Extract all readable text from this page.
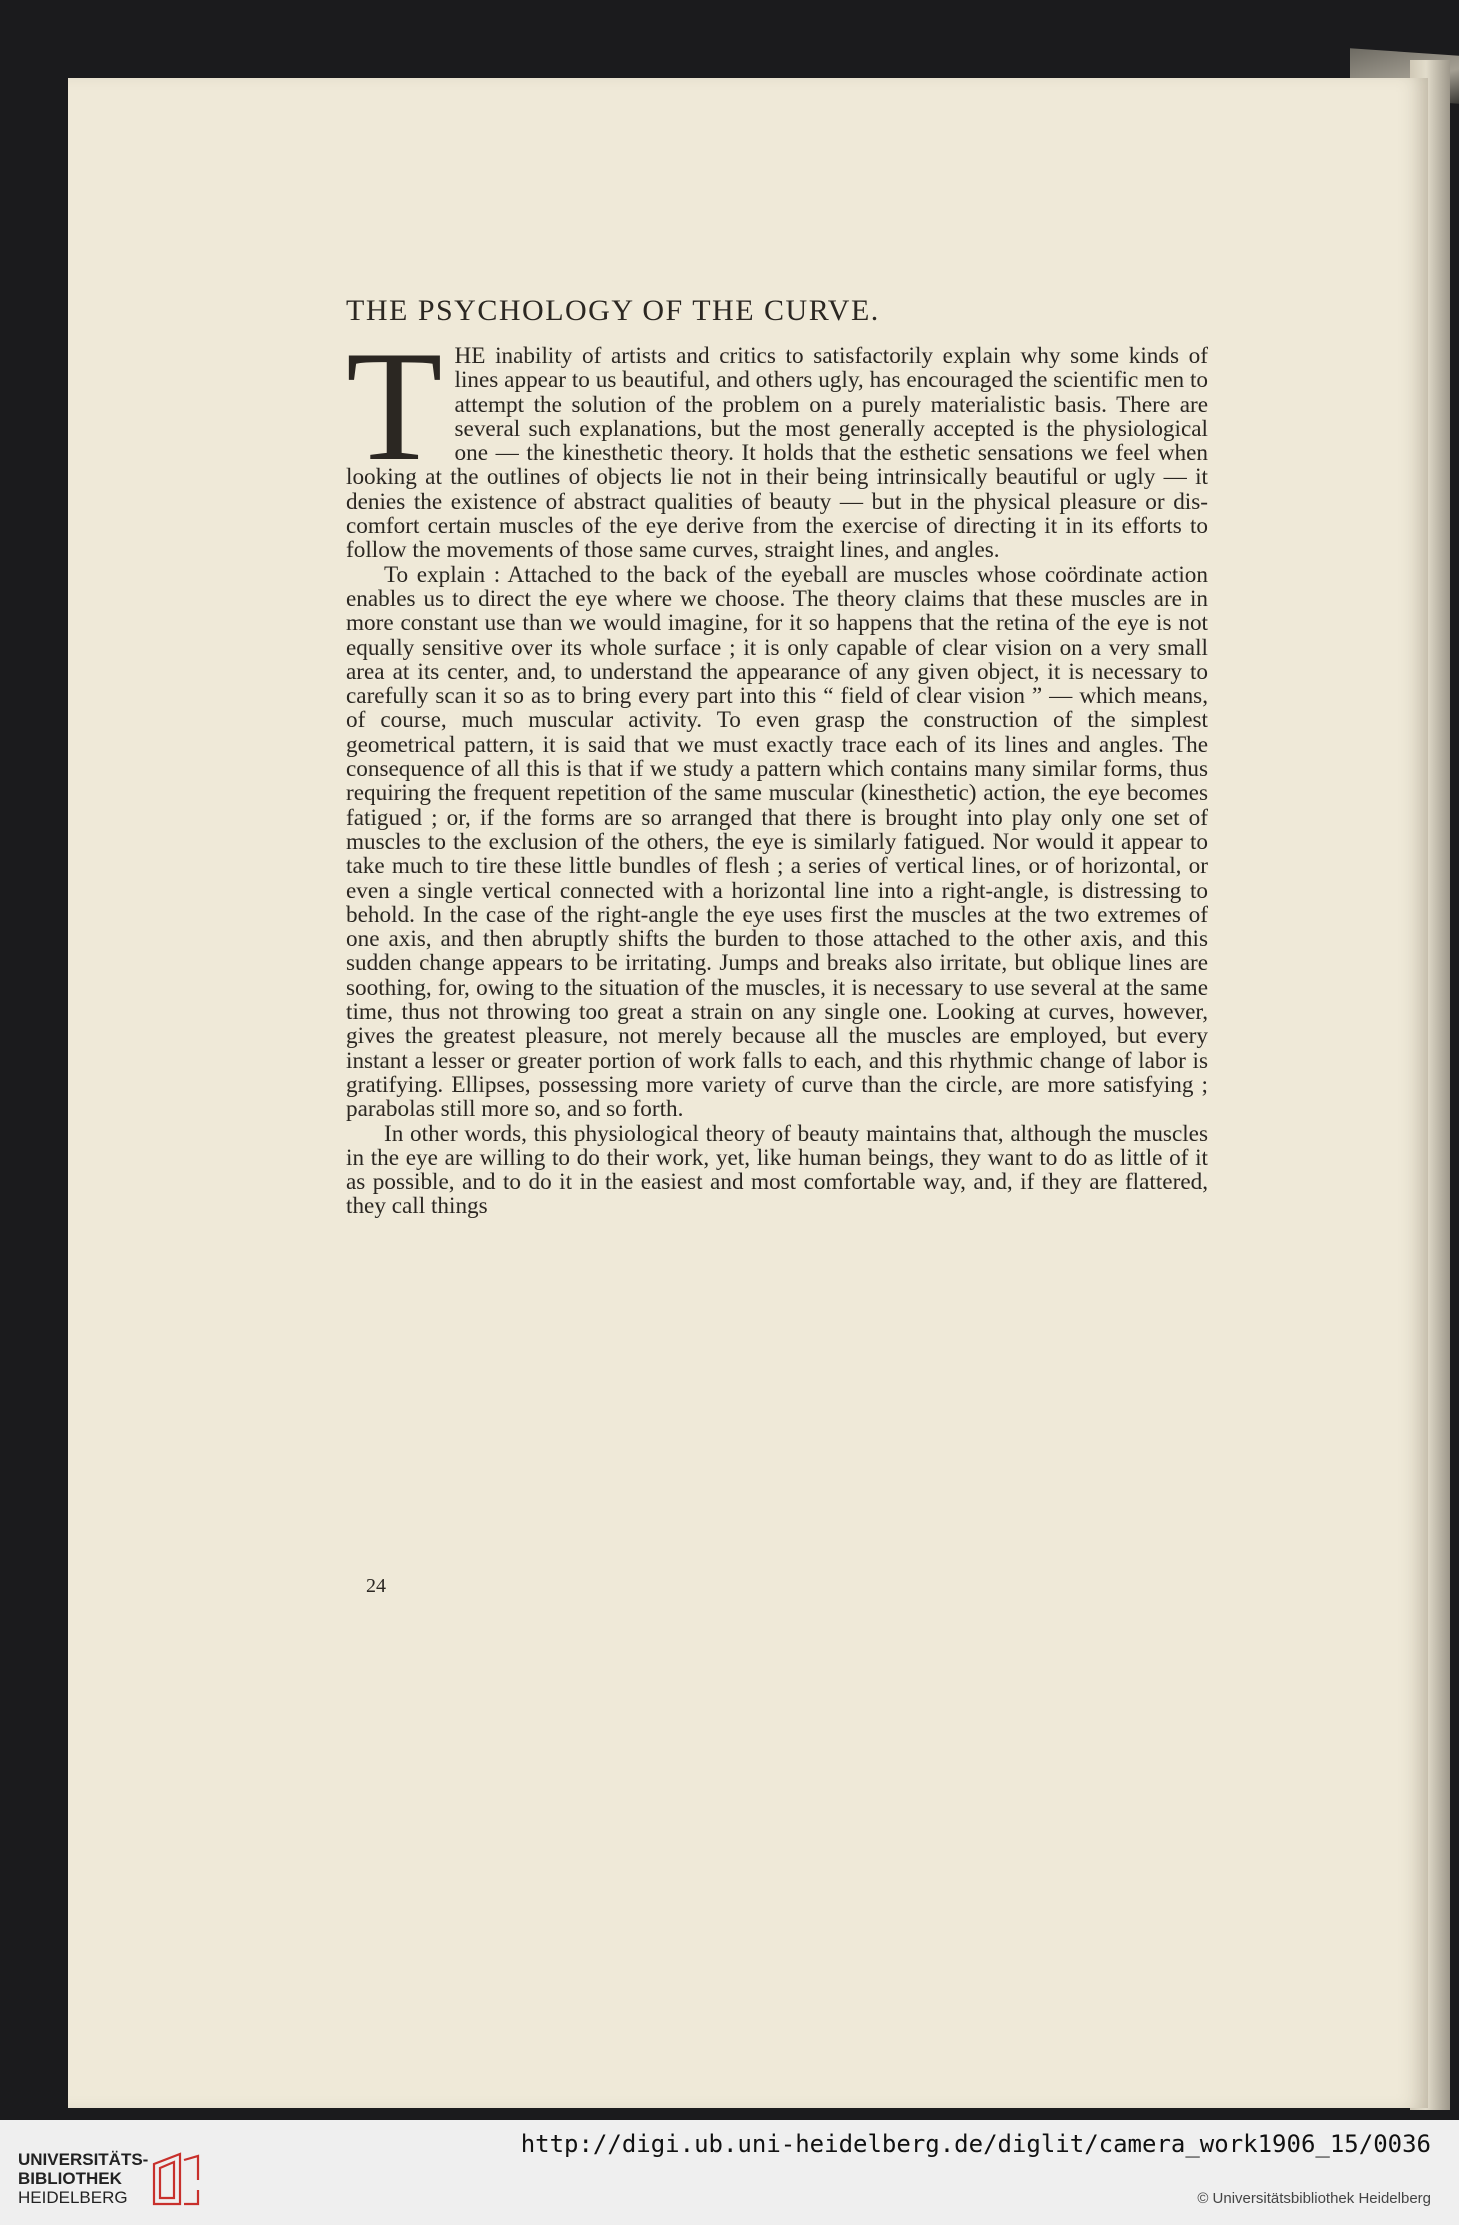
THE PSYCHOLOGY OF THE CURVE.

T HE inability of artists and critics to satisfactorily explain why some kinds of lines appear to us beautiful, and others ugly, has encouraged the scientific men to attempt the solution of the problem on a purely materialistic basis. There are several such explanations, but the most generally accepted is the physiological one — the kinesthetic theory. It holds that the esthetic sensations we feel when looking at the outlines of objects lie not in their being intrinsically beautiful or ugly — it denies the existence of abstract qualities of beauty — but in the physical pleasure or dis-comfort certain muscles of the eye derive from the exercise of directing it in its efforts to follow the movements of those same curves, straight lines, and angles.

To explain : Attached to the back of the eyeball are muscles whose coördinate action enables us to direct the eye where we choose. The theory claims that these muscles are in more constant use than we would imagine, for it so happens that the retina of the eye is not equally sensitive over its whole surface ; it is only capable of clear vision on a very small area at its center, and, to understand the appearance of any given object, it is necessary to carefully scan it so as to bring every part into this “ field of clear vision ” — which means, of course, much muscular activity. To even grasp the construction of the simplest geometrical pattern, it is said that we must exactly trace each of its lines and angles. The consequence of all this is that if we study a pattern which contains many similar forms, thus requiring the frequent repetition of the same muscular (kinesthetic) action, the eye becomes fatigued ; or, if the forms are so arranged that there is brought into play only one set of muscles to the exclusion of the others, the eye is similarly fatigued. Nor would it appear to take much to tire these little bundles of flesh ; a series of vertical lines, or of horizontal, or even a single vertical connected with a horizontal line into a right-angle, is distressing to behold. In the case of the right-angle the eye uses first the muscles at the two extremes of one axis, and then abruptly shifts the burden to those attached to the other axis, and this sudden change appears to be irritating. Jumps and breaks also irritate, but oblique lines are soothing, for, owing to the situation of the muscles, it is necessary to use several at the same time, thus not throwing too great a strain on any single one. Looking at curves, however, gives the greatest pleasure, not merely because all the muscles are employed, but every instant a lesser or greater portion of work falls to each, and this rhythmic change of labor is gratifying. Ellipses, possessing more variety of curve than the circle, are more satisfying ; parabolas still more so, and so forth.

In other words, this physiological theory of beauty maintains that, although the muscles in the eye are willing to do their work, yet, like human beings, they want to do as little of it as possible, and to do it in the easiest and most comfortable way, and, if they are flattered, they call things

24
UNIVERSITÄTS-
BIBLIOTHEK
HEIDELBERG
http://digi.ub.uni-heidelberg.de/diglit/camera_work1906_15/0036
© Universitätsbibliothek Heidelberg
